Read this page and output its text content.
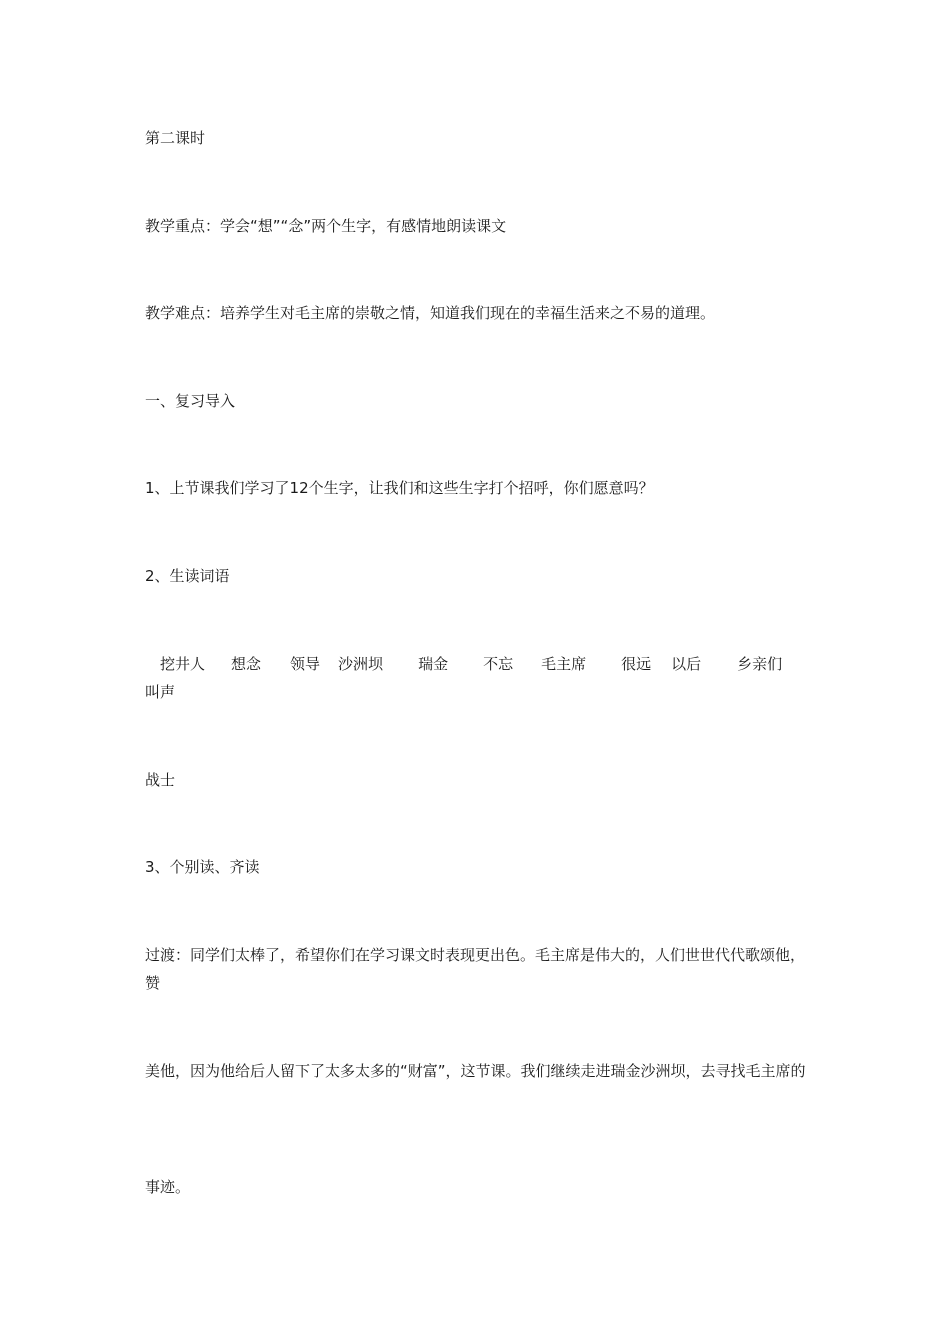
第二课时
教学重点：学会“想”“念”两个生字，有感情地朗读课文
教学难点：培养学生对毛主席的崇敬之情，知道我们现在的幸福生活来之不易的道理。
一、复习导入
1、上节课我们学习了12个生字，让我们和这些生字打个招呼，你们愿意吗？
2、生读词语
挖井人 想念 领导 沙洲坝 瑞金 不忘 毛主席 很远 以后 乡亲们
叫声
战士
3、个别读、齐读
过渡：同学们太棒了，希望你们在学习课文时表现更出色。毛主席是伟大的，人们世世代代歌颂他，赞
美他，因为他给后人留下了太多太多的“财富”，这节课。我们继续走进瑞金沙洲坝，去寻找毛主席的
事迹。
